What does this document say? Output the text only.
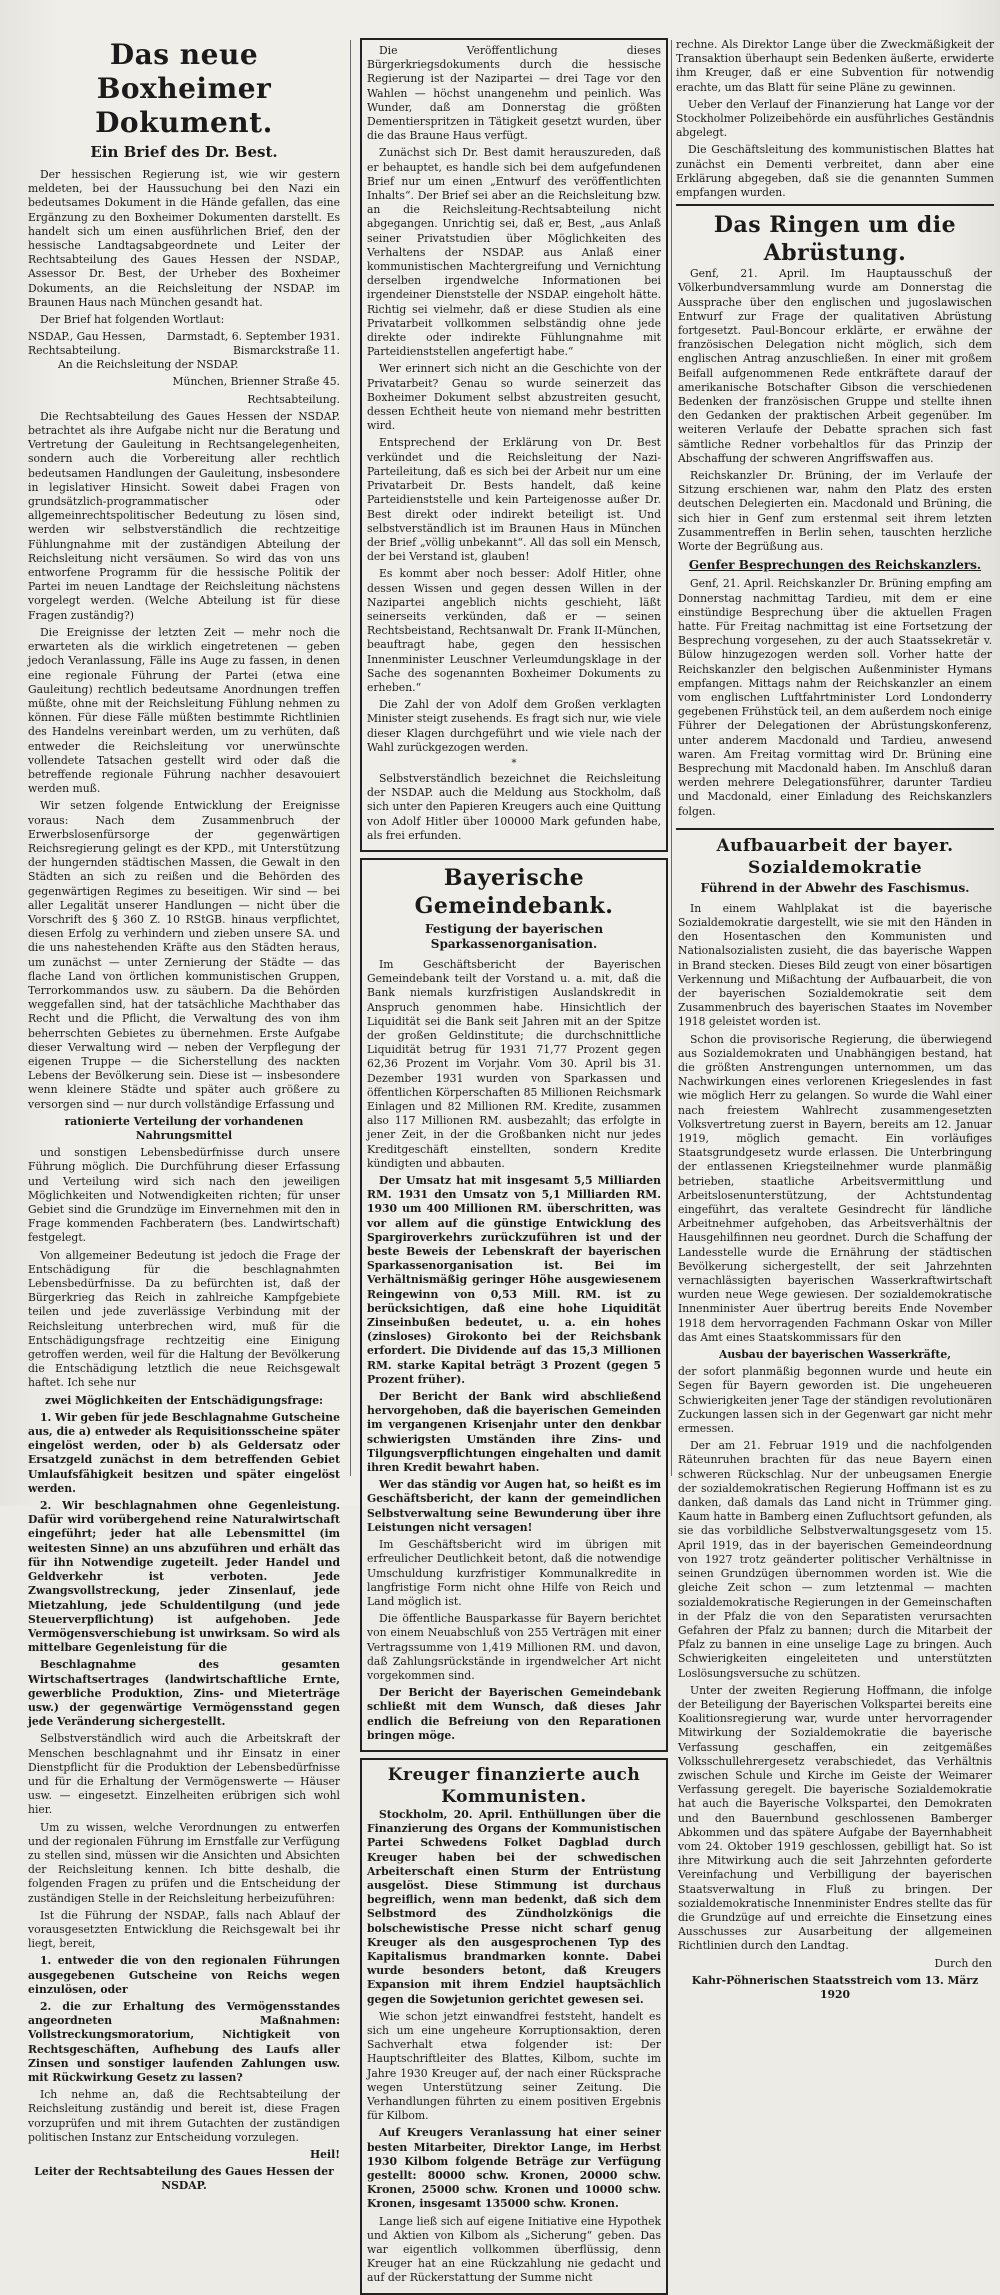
Das neue Boxheimer Dokument.
Ein Brief des Dr. Best.

Der hessischen Regierung ist, wie wir gestern meldeten, bei der Haussuchung bei den Nazi ein bedeutsames Dokument in die Hände gefallen, das eine Ergänzung zu den Boxheimer Dokumenten darstellt. Es handelt sich um einen ausführlichen Brief, den der hessische Landtagsabgeordnete und Leiter der Rechtsabteilung des Gaues Hessen der NSDAP., Assessor Dr. Best, der Urheber des Boxheimer Dokuments, an die Reichsleitung der NSDAP. im Braunen Haus nach München gesandt hat.

Der Brief hat folgenden Wortlaut:

NSDAP., Gau Hessen, Darmstadt, 6. September 1931.
Rechtsabteilung.	Bismarckstraße 11.

An die Reichsleitung der NSDAP.

München, Brienner Straße 45.

Rechtsabteilung.

Die Rechtsabteilung des Gaues Hessen der NSDAP. betrachtet als ihre Aufgabe nicht nur die Beratung und Vertretung der Gauleitung in Rechtsangelegenheiten, sondern auch die Vorbereitung aller rechtlich bedeutsamen Handlungen der Gauleitung, insbesondere in legislativer Hinsicht. Soweit dabei Fragen von grundsätzlich-programmatischer oder allgemeinrechtspolitischer Bedeutung zu lösen sind, werden wir selbstverständlich die rechtzeitige Fühlungnahme mit der zuständigen Abteilung der Reichsleitung nicht versäumen. So wird das von uns entworfene Programm für die hessische Politik der Partei im neuen Landtage der Reichsleitung nächstens vorgelegt werden. (Welche Abteilung ist für diese Fragen zuständig?)

Die Ereignisse der letzten Zeit — mehr noch die erwarteten als die wirklich eingetretenen — geben jedoch Veranlassung, Fälle ins Auge zu fassen, in denen eine regionale Führung der Partei (etwa eine Gauleitung) rechtlich bedeutsame Anordnungen treffen müßte, ohne mit der Reichsleitung Fühlung nehmen zu können. Für diese Fälle müßten bestimmte Richtlinien des Handelns vereinbart werden, um zu verhüten, daß entweder die Reichsleitung vor unerwünschte vollendete Tatsachen gestellt wird oder daß die betreffende regionale Führung nachher desavouiert werden muß.

Wir setzen folgende Entwicklung der Ereignisse voraus: Nach dem Zusammenbruch der Erwerbslosenfürsorge der gegenwärtigen Reichsregierung gelingt es der KPD., mit Unterstützung der hungernden städtischen Massen, die Gewalt in den Städten an sich zu reißen und die Behörden des gegenwärtigen Regimes zu beseitigen. Wir sind — bei aller Legalität unserer Handlungen — nicht über die Vorschrift des § 360 Z. 10 RStGB. hinaus verpflichtet, diesen Erfolg zu verhindern und zieben unsere SA. und die uns nahestehenden Kräfte aus den Städten heraus, um zunächst — unter Zernierung der Städte — das flache Land von örtlichen kommunistischen Gruppen, Terrorkommandos usw. zu säubern. Da die Behörden weggefallen sind, hat der tatsächliche Machthaber das Recht und die Pflicht, die Verwaltung des von ihm beherrschten Gebietes zu übernehmen. Erste Aufgabe dieser Verwaltung wird — neben der Verpflegung der eigenen Truppe — die Sicherstellung des nackten Lebens der Bevölkerung sein. Diese ist — insbesondere wenn kleinere Städte und später auch größere zu versorgen sind — nur durch vollständige Erfassung und

rationierte Verteilung der vorhandenen Nahrungsmittel

und sonstigen Lebensbedürfnisse durch unsere Führung möglich. Die Durchführung dieser Erfassung und Verteilung wird sich nach den jeweiligen Möglichkeiten und Notwendigkeiten richten; für unser Gebiet sind die Grundzüge im Einvernehmen mit den in Frage kommenden Fachberatern (bes. Landwirtschaft) festgelegt.

Von allgemeiner Bedeutung ist jedoch die Frage der Entschädigung für die beschlagnahmten Lebensbedürfnisse. Da zu befürchten ist, daß der Bürgerkrieg das Reich in zahlreiche Kampfgebiete teilen und jede zuverlässige Verbindung mit der Reichsleitung unterbrechen wird, muß für die Entschädigungsfrage rechtzeitig eine Einigung getroffen werden, weil für die Haltung der Bevölkerung die Entschädigung letztlich die neue Reichsgewalt haftet. Ich sehe nur

zwei Möglichkeiten der Entschädigungsfrage:

1. Wir geben für jede Beschlagnahme Gutscheine aus, die a) entweder als Requisitionsscheine später eingelöst werden, oder b) als Geldersatz oder Ersatzgeld zunächst in dem betreffenden Gebiet Umlaufsfähigkeit besitzen und später eingelöst werden.

2. Wir beschlagnahmen ohne Gegenleistung. Dafür wird vorübergehend reine Naturalwirtschaft eingeführt; jeder hat alle Lebensmittel (im weitesten Sinne) an uns abzuführen und erhält das für ihn Notwendige zugeteilt. Jeder Handel und Geldverkehr ist verboten. Jede Zwangsvollstreckung, jeder Zinsenlauf, jede Mietzahlung, jede Schuldentilgung (und jede Steuerverpflichtung) ist aufgehoben. Jede Vermögensverschiebung ist unwirksam. So wird als mittelbare Gegenleistung für die

Beschlagnahme des gesamten Wirtschaftsertrages (landwirtschaftliche Ernte, gewerbliche Produktion, Zins- und Mieterträge usw.) der gegenwärtige Vermögensstand gegen jede Veränderung sichergestellt.

Selbstverständlich wird auch die Arbeitskraft der Menschen beschlagnahmt und ihr Einsatz in einer Dienstpflicht für die Produktion der Lebensbedürfnisse und für die Erhaltung der Vermögenswerte — Häuser usw. — eingesetzt. Einzelheiten erübrigen sich wohl hier.

Um zu wissen, welche Verordnungen zu entwerfen und der regionalen Führung im Ernstfalle zur Verfügung zu stellen sind, müssen wir die Ansichten und Absichten der Reichsleitung kennen. Ich bitte deshalb, die folgenden Fragen zu prüfen und die Entscheidung der zuständigen Stelle in der Reichsleitung herbeizuführen:

Ist die Führung der NSDAP., falls nach Ablauf der vorausgesetzten Entwicklung die Reichsgewalt bei ihr liegt, bereit,

1. entweder die von den regionalen Führungen ausgegebenen Gutscheine von Reichs wegen einzulösen, oder

2. die zur Erhaltung des Vermögensstandes angeordneten Maßnahmen: Vollstreckungsmoratorium, Nichtigkeit von Rechtsgeschäften, Aufhebung des Laufs aller Zinsen und sonstiger laufenden Zahlungen usw. mit Rückwirkung Gesetz zu lassen?

Ich nehme an, daß die Rechtsabteilung der Reichsleitung zuständig und bereit ist, diese Fragen vorzuprüfen und mit ihrem Gutachten der zuständigen politischen Instanz zur Entscheidung vorzulegen.

Heil!

Leiter der Rechtsabteilung des Gaues Hessen der NSDAP.

Die Veröffentlichung dieses Bürgerkriegsdokuments durch die hessische Regierung ist der Nazipartei — drei Tage vor den Wahlen — höchst unangenehm und peinlich. Was Wunder, daß am Donnerstag die größten Dementierspritzen in Tätigkeit gesetzt wurden, über die das Braune Haus verfügt.

Zunächst sich Dr. Best damit herauszureden, daß er behauptet, es handle sich bei dem aufgefundenen Brief nur um einen „Entwurf des veröffentlichten Inhalts“. Der Brief sei aber an die Reichsleitung bzw. an die Reichsleitung-Rechtsabteilung nicht abgegangen. Unrichtig sei, daß er, Best, „aus Anlaß seiner Privatstudien über Möglichkeiten des Verhaltens der NSDAP. aus Anlaß einer kommunistischen Machtergreifung und Vernichtung derselben irgendwelche Informationen bei irgendeiner Dienststelle der NSDAP. eingeholt hätte. Richtig sei vielmehr, daß er diese Studien als eine Privatarbeit vollkommen selbständig ohne jede direkte oder indirekte Fühlungnahme mit Parteidienststellen angefertigt habe.“

Wer erinnert sich nicht an die Geschichte von der Privatarbeit? Genau so wurde seinerzeit das Boxheimer Dokument selbst abzustreiten gesucht, dessen Echtheit heute von niemand mehr bestritten wird.

Entsprechend der Erklärung von Dr. Best verkündet und die Reichsleitung der Nazi-Parteileitung, daß es sich bei der Arbeit nur um eine Privatarbeit Dr. Bests handelt, daß keine Parteidienststelle und kein Parteigenosse außer Dr. Best direkt oder indirekt beteiligt ist. Und selbstverständlich ist im Braunen Haus in München der Brief „völlig unbekannt“. All das soll ein Mensch, der bei Verstand ist, glauben!

Es kommt aber noch besser: Adolf Hitler, ohne dessen Wissen und gegen dessen Willen in der Nazipartei angeblich nichts geschieht, läßt seinerseits verkünden, daß er — seinen Rechtsbeistand, Rechtsanwalt Dr. Frank II-München, beauftragt habe, gegen den hessischen Innenminister Leuschner Verleumdungsklage in der Sache des sogenannten Boxheimer Dokuments zu erheben.“

Die Zahl der von Adolf dem Großen verklagten Minister steigt zusehends. Es fragt sich nur, wie viele dieser Klagen durchgeführt und wie viele nach der Wahl zurückgezogen werden.

*

Selbstverständlich bezeichnet die Reichsleitung der NSDAP. auch die Meldung aus Stockholm, daß sich unter den Papieren Kreugers auch eine Quittung von Adolf Hitler über 100000 Mark gefunden habe, als frei erfunden.

Bayerische Gemeindebank.
Festigung der bayerischen Sparkassenorganisation.

Im Geschäftsbericht der Bayerischen Gemeindebank teilt der Vorstand u. a. mit, daß die Bank niemals kurzfristigen Auslandskredit in Anspruch genommen habe. Hinsichtlich der Liquidität sei die Bank seit Jahren mit an der Spitze der großen Geldinstitute; die durchschnittliche Liquidität betrug für 1931 71,77 Prozent gegen 62,36 Prozent im Vorjahr. Vom 30. April bis 31. Dezember 1931 wurden von Sparkassen und öffentlichen Körperschaften 85 Millionen Reichsmark Einlagen und 82 Millionen RM. Kredite, zusammen also 117 Millionen RM. ausbezahlt; das erfolgte in jener Zeit, in der die Großbanken nicht nur jedes Kreditgeschäft einstellten, sondern Kredite kündigten und abbauten.

Der Umsatz hat mit insgesamt 5,5 Milliarden RM. 1931 den Umsatz von 5,1 Milliarden RM. 1930 um 400 Millionen RM. überschritten, was vor allem auf die günstige Entwicklung des Spargiroverkehrs zurückzuführen ist und der beste Beweis der Lebenskraft der bayerischen Sparkassenorganisation ist. Bei im Verhältnismäßig geringer Höhe ausgewiesenem Reingewinn von 0,53 Mill. RM. ist zu berücksichtigen, daß eine hohe Liquidität Zinseinbußen bedeutet, u. a. ein hohes (zinsloses) Girokonto bei der Reichsbank erfordert. Die Dividende auf das 15,3 Millionen RM. starke Kapital beträgt 3 Prozent (gegen 5 Prozent früher).

Der Bericht der Bank wird abschließend hervorgehoben, daß die bayerischen Gemeinden im vergangenen Krisenjahr unter den denkbar schwierigsten Umständen ihre Zins- und Tilgungsverpflichtungen eingehalten und damit ihren Kredit bewahrt haben.

Wer das ständig vor Augen hat, so heißt es im Geschäftsbericht, der kann der gemeindlichen Selbstverwaltung seine Bewunderung über ihre Leistungen nicht versagen!

Im Geschäftsbericht wird im übrigen mit erfreulicher Deutlichkeit betont, daß die notwendige Umschuldung kurzfristiger Kommunalkredite in langfristige Form nicht ohne Hilfe von Reich und Land möglich ist.

Die öffentliche Bausparkasse für Bayern berichtet von einem Neuabschluß von 255 Verträgen mit einer Vertragssumme von 1,419 Millionen RM. und davon, daß Zahlungsrückstände in irgendwelcher Art nicht vorgekommen sind.

Der Bericht der Bayerischen Gemeindebank schließt mit dem Wunsch, daß dieses Jahr endlich die Befreiung von den Reparationen bringen möge.

Kreuger finanzierte auch Kommunisten.

Stockholm, 20. April. Enthüllungen über die Finanzierung des Organs der Kommunistischen Partei Schwedens Folket Dagblad durch Kreuger haben bei der schwedischen Arbeiterschaft einen Sturm der Entrüstung ausgelöst. Diese Stimmung ist durchaus begreiflich, wenn man bedenkt, daß sich dem Selbstmord des Zündholzkönigs die bolschewistische Presse nicht scharf genug Kreuger als den ausgesprochenen Typ des Kapitalismus brandmarken konnte. Dabei wurde besonders betont, daß Kreugers Expansion mit ihrem Endziel hauptsächlich gegen die Sowjetunion gerichtet gewesen sei.

Wie schon jetzt einwandfrei feststeht, handelt es sich um eine ungeheure Korruptionsaktion, deren Sachverhalt etwa folgender ist: Der Hauptschriftleiter des Blattes, Kilbom, suchte im Jahre 1930 Kreuger auf, der nach einer Rücksprache wegen Unterstützung seiner Zeitung. Die Verhandlungen führten zu einem positiven Ergebnis für Kilbom.

Auf Kreugers Veranlassung hat einer seiner besten Mitarbeiter, Direktor Lange, im Herbst 1930 Kilbom folgende Beträge zur Verfügung gestellt: 80000 schw. Kronen, 20000 schw. Kronen, 25000 schw. Kronen und 10000 schw. Kronen, insgesamt 135000 schw. Kronen.

Lange ließ sich auf eigene Initiative eine Hypothek und Aktien von Kilbom als „Sicherung“ geben. Das war eigentlich vollkommen überflüssig, denn Kreuger hat an eine Rückzahlung nie gedacht und auf der Rückerstattung der Summe nicht

rechne. Als Direktor Lange über die Zweckmäßigkeit der Transaktion überhaupt sein Bedenken äußerte, erwiderte ihm Kreuger, daß er eine Subvention für notwendig erachte, um das Blatt für seine Pläne zu gewinnen.

Ueber den Verlauf der Finanzierung hat Lange vor der Stockholmer Polizeibehörde ein ausführliches Geständnis abgelegt.

Die Geschäftsleitung des kommunistischen Blattes hat zunächst ein Dementi verbreitet, dann aber eine Erklärung abgegeben, daß sie die genannten Summen empfangen wurden.

Das Ringen um die Abrüstung.

Genf, 21. April. Im Hauptausschuß der Völkerbundversammlung wurde am Donnerstag die Aussprache über den englischen und jugoslawischen Entwurf zur Frage der qualitativen Abrüstung fortgesetzt. Paul-Boncour erklärte, er erwähne der französischen Delegation nicht möglich, sich dem englischen Antrag anzuschließen. In einer mit großem Beifall aufgenommenen Rede entkräftete darauf der amerikanische Botschafter Gibson die verschiedenen Bedenken der französischen Gruppe und stellte ihnen den Gedanken der praktischen Arbeit gegenüber. Im weiteren Verlaufe der Debatte sprachen sich fast sämtliche Redner vorbehaltlos für das Prinzip der Abschaffung der schweren Angriffswaffen aus.

Reichskanzler Dr. Brüning, der im Verlaufe der Sitzung erschienen war, nahm den Platz des ersten deutschen Delegierten ein. Macdonald und Brüning, die sich hier in Genf zum erstenmal seit ihrem letzten Zusammentreffen in Berlin sehen, tauschten herzliche Worte der Begrüßung aus.

Genfer Besprechungen des Reichskanzlers.

Genf, 21. April. Reichskanzler Dr. Brüning empfing am Donnerstag nachmittag Tardieu, mit dem er eine einstündige Besprechung über die aktuellen Fragen hatte. Für Freitag nachmittag ist eine Fortsetzung der Besprechung vorgesehen, zu der auch Staatssekretär v. Bülow hinzugezogen werden soll. Vorher hatte der Reichskanzler den belgischen Außenminister Hymans empfangen. Mittags nahm der Reichskanzler an einem vom englischen Luftfahrtminister Lord Londonderry gegebenen Frühstück teil, an dem außerdem noch einige Führer der Delegationen der Abrüstungskonferenz, unter anderem Macdonald und Tardieu, anwesend waren. Am Freitag vormittag wird Dr. Brüning eine Besprechung mit Macdonald haben. Im Anschluß daran werden mehrere Delegationsführer, darunter Tardieu und Macdonald, einer Einladung des Reichskanzlers folgen.

Aufbauarbeit der bayer. Sozialdemokratie
Führend in der Abwehr des Faschismus.

In einem Wahlplakat ist die bayerische Sozialdemokratie dargestellt, wie sie mit den Händen in den Hosentaschen den Kommunisten und Nationalsozialisten zusieht, die das bayerische Wappen in Brand stecken. Dieses Bild zeugt von einer bösartigen Verkennung und Mißachtung der Aufbauarbeit, die von der bayerischen Sozialdemokratie seit dem Zusammenbruch des bayerischen Staates im November 1918 geleistet worden ist.

Schon die provisorische Regierung, die überwiegend aus Sozialdemokraten und Unabhängigen bestand, hat die größten Anstrengungen unternommen, um das Nachwirkungen eines verlorenen Kriegeslendes in fast wie möglich Herr zu gelangen. So wurde die Wahl einer nach freiestem Wahlrecht zusammengesetzten Volksvertretung zuerst in Bayern, bereits am 12. Januar 1919, möglich gemacht. Ein vorläufiges Staatsgrundgesetz wurde erlassen. Die Unterbringung der entlassenen Kriegsteilnehmer wurde planmäßig betrieben, staatliche Arbeitsvermittlung und Arbeitslosenunterstützung, der Achtstundentag eingeführt, das veraltete Gesindrecht für ländliche Arbeitnehmer aufgehoben, das Arbeitsverhältnis der Hausgehilfinnen neu geordnet. Durch die Schaffung der Landesstelle wurde die Ernährung der städtischen Bevölkerung sichergestellt, der seit Jahrzehnten vernachlässigten bayerischen Wasserkraftwirtschaft wurden neue Wege gewiesen. Der sozialdemokratische Innenminister Auer übertrug bereits Ende November 1918 dem hervorragenden Fachmann Oskar von Miller das Amt eines Staatskommissars für den

Ausbau der bayerischen Wasserkräfte,

der sofort planmäßig begonnen wurde und heute ein Segen für Bayern geworden ist. Die ungeheueren Schwierigkeiten jener Tage der ständigen revolutionären Zuckungen lassen sich in der Gegenwart gar nicht mehr ermessen.

Der am 21. Februar 1919 und die nachfolgenden Räteunruhen brachten für das neue Bayern einen schweren Rückschlag. Nur der unbeugsamen Energie der sozialdemokratischen Regierung Hoffmann ist es zu danken, daß damals das Land nicht in Trümmer ging. Kaum hatte in Bamberg einen Zufluchtsort gefunden, als sie das vorbildliche Selbstverwaltungsgesetz vom 15. April 1919, das in der bayerischen Gemeindeordnung von 1927 trotz geänderter politischer Verhältnisse in seinen Grundzügen übernommen worden ist. Wie die gleiche Zeit schon — zum letztenmal — machten sozialdemokratische Regierungen in der Gemeinschaften in der Pfalz die von den Separatisten verursachten Gefahren der Pfalz zu bannen; durch die Mitarbeit der Pfalz zu bannen in eine unselige Lage zu bringen. Auch Schwierigkeiten eingeleiteten und unterstützten Loslösungsversuche zu schützen.

Unter der zweiten Regierung Hoffmann, die infolge der Beteiligung der Bayerischen Volkspartei bereits eine Koalitionsregierung war, wurde unter hervorragender Mitwirkung der Sozialdemokratie die bayerische Verfassung geschaffen, ein zeitgemäßes Volksschullehrergesetz verabschiedet, das Verhältnis zwischen Schule und Kirche im Geiste der Weimarer Verfassung geregelt. Die bayerische Sozialdemokratie hat auch die Bayerische Volkspartei, den Demokraten und den Bauernbund geschlossenen Bamberger Abkommen und das spätere Aufgabe der Bayernhabheit vom 24. Oktober 1919 geschlossen, gebilligt hat. So ist ihre Mitwirkung auch die seit Jahrzehnten geforderte Vereinfachung und Verbilligung der bayerischen Staatsverwaltung in Fluß zu bringen. Der sozialdemokratische Innenminister Endres stellte das für die Grundzüge auf und erreichte die Einsetzung eines Ausschusses zur Ausarbeitung der allgemeinen Richtlinien durch den Landtag.

Durch den

Kahr-Pöhnerischen Staatsstreich vom 13. März 1920
